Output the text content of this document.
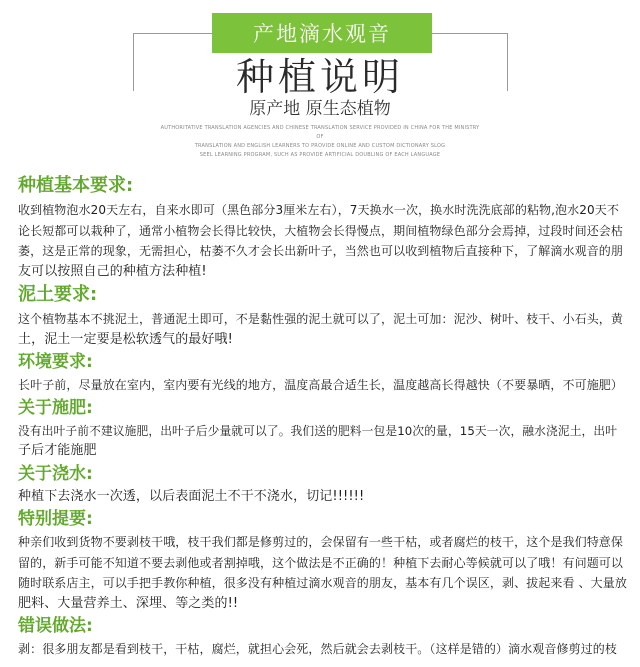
产地滴水观音
种植说明
原产地 原生态植物
AUTHORITATIVE TRANSLATION AGENCIES AND CHINESE TRANSLATION SERVICE PROVIDED IN CHINA FOR THE MINISTRY OF
TRANSLATION AND ENGLISH LEARNERS TO PROVIDE ONLINE AND CUSTOM DICTIONARY SLOG
SEEL LEARNING PROGRAM, SUCH AS PROVIDE ARTIFICIAL DOUBLING OF EACH LANGUAGE

种植基本要求:

收到植物泡水20天左右，自来水即可（黑色部分3厘米左右），7天换水一次，换水时洗洗底部的粘物,泡水20天不
论长短都可以栽种了，通常小植物会长得比较快，大植物会长得慢点，期间植物绿色部分会焉掉，过段时间还会枯
萎，这是正常的现象，无需担心，枯萎不久才会长出新叶子，当然也可以收到植物后直接种下，了解滴水观音的朋
友可以按照自己的种植方法种植!

泥土要求:

这个植物基本不挑泥土，普通泥土即可，不是黏性强的泥土就可以了，泥土可加：泥沙、树叶、枝干、小石头，黄
土，泥土一定要是松软透气的最好哦!

环境要求:

长叶子前，尽量放在室内，室内要有光线的地方，温度高最合适生长，温度越高长得越快（不要暴晒，不可施肥）

关于施肥:

没有出叶子前不建议施肥，出叶子后少量就可以了。我们送的肥料一包是10次的量，15天一次，融水浇泥土，出叶
子后才能施肥

关于浇水:

种植下去浇水一次透，以后表面泥土不干不浇水，切记!!!!!!

特别提要:

种亲们收到货物不要剥枝干哦，枝干我们都是修剪过的，会保留有一些干枯，或者腐烂的枝干，这个是我们特意保
留的，新手可能不知道不要去剥他或者割掉哦，这个做法是不正确的！种植下去耐心等候就可以了哦！有问题可以
随时联系店主，可以手把手教你种植，很多没有种植过滴水观音的朋友，基本有几个误区，剥、拔起来看 、大量放
肥料、大量营养土、深埋、等之类的!!

错误做法:

剥：很多朋友都是看到枝干，干枯，腐烂，就担心会死，然后就会去剥枝干。（这样是错的）滴水观音修剪过的枝
